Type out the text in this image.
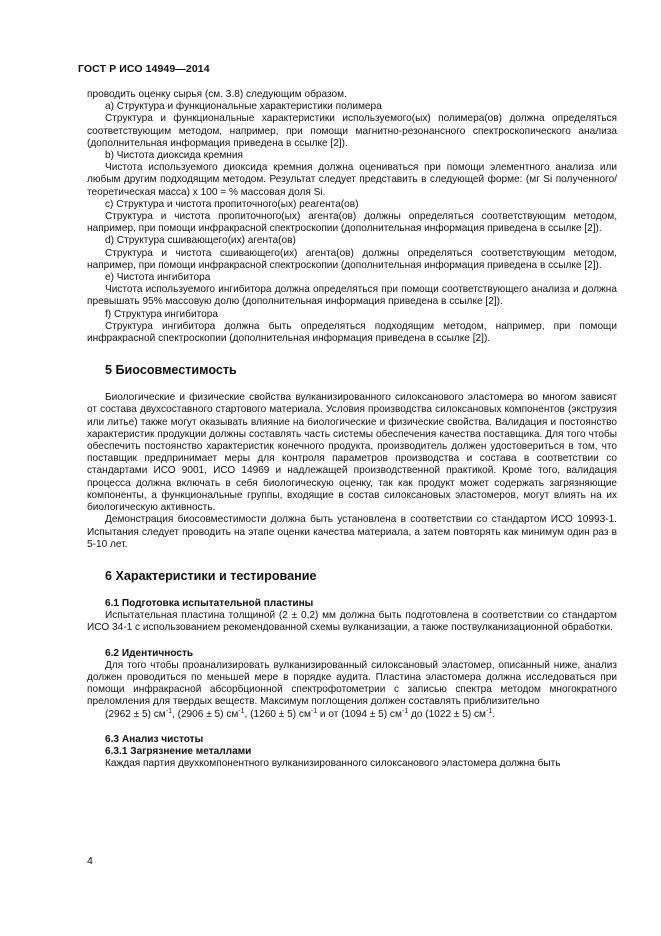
ГОСТ Р ИСО 14949—2014

проводить оценку сырья (см. 3.8) следующим образом.

а) Структура и функциональные характеристики полимера

Структура и функциональные характеристики используемого(ых) полимера(ов) должна определяться соответствующим методом, например, при помощи магнитно-резонансного спектроскопического анализа (дополнительная информация приведена в ссылке [2]).

b) Чистота диоксида кремния

Чистота используемого диоксида кремния должна оцениваться при помощи элементного анализа или любым другим подходящим методом. Результат следует представить в следующей форме: (мг Si полученного/теоретическая масса) х 100 = % массовая доля Si.

с) Структура и чистота пропиточного(ых) реагента(ов)

Структура и чистота пропиточного(ых) агента(ов) должны определяться соответствующим методом, например, при помощи инфракрасной спектроскопии (дополнительная информация приведена в ссылке [2]).

d) Структура сшивающего(их) агента(ов)

Структура и чистота сшивающего(их) агента(ов) должны определяться соответствующим методом, например, при помощи инфракрасной спектроскопии (дополнительная информация приведена в ссылке [2]).

е) Чистота ингибитора

Чистота используемого ингибитора должна определяться при помощи соответствующего анализа и должна превышать 95% массовую долю (дополнительная информация приведена в ссылке [2]).

f) Структура ингибитора

Структура ингибитора должна быть определяться подходящим методом, например, при помощи инфракрасной спектроскопии (дополнительная информация приведена в ссылке [2]).

5 Биосовместимость

Биологические и физические свойства вулканизированного силоксанового эластомера во многом зависят от состава двухсоставного стартового материала. Условия производства силоксановых компонентов (экструзия или литье) также могут оказывать влияние на биологические и физические свойства. Валидация и постоянство характеристик продукции должны составлять часть системы обеспечения качества поставщика. Для того чтобы обеспечить постоянство характеристик конечного продукта, производитель должен удостовериться в том, что поставщик предпринимает меры для контроля параметров производства и состава в соответствии со стандартами ИСО 9001, ИСО 14969 и надлежащей производственной практикой. Кроме того, валидация процесса должна включать в себя биологическую оценку, так как продукт может содержать загрязняющие компоненты, а функциональные группы, входящие в состав силоксановых эластомеров, могут влиять на их биологическую активность.

Демонстрация биосовместимости должна быть установлена в соответствии со стандартом ИСО 10993-1. Испытания следует проводить на этапе оценки качества материала, а затем повторять как минимум один раз в 5-10 лет.

6 Характеристики и тестирование
6.1 Подготовка испытательной пластины

Испытательная пластина толщиной (2 ± 0,2) мм должна быть подготовлена в соответствии со стандартом ИСО 34-1 с использованием рекомендованной схемы вулканизации, а также поствулканизационной обработки.

6.2 Идентичность

Для того чтобы проанализировать вулканизированный силоксановый эластомер, описанный ниже, анализ должен проводиться по меньшей мере в порядке аудита. Пластина эластомера должна исследоваться при помощи инфракрасной абсорбционной спектрофотометрии с записью спектра методом многократного преломления для твердых веществ. Максимум поглощения должен составлять приблизительно

(2962 ± 5) $см^{-1}$, (2906 ± 5) $см^{-1}$, (1260 ± 5) $см^{-1}$ и от (1094 ± 5) $см^{-1}$ до (1022 ± 5) $см^{-1}$.

6.3 Анализ чистоты
6.3.1 Загрязнение металлами

Каждая партия двухкомпонентного вулканизированного силоксанового эластомера должна быть

4
